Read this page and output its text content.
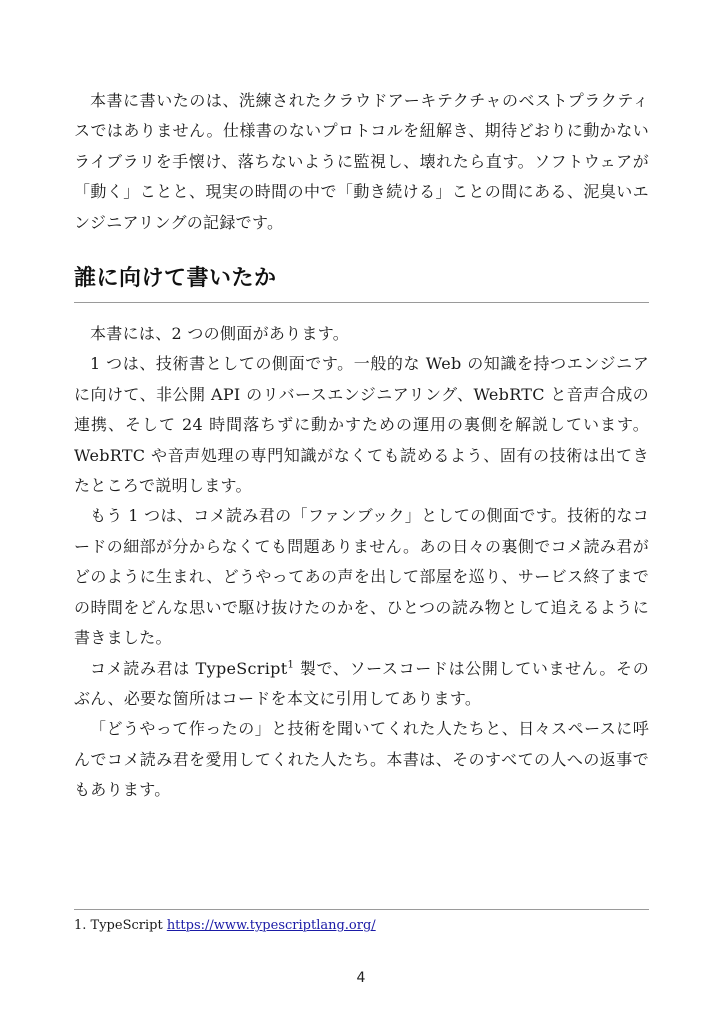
本書に書いたのは、洗練されたクラウドアーキテクチャのベストプラクティスではありません。仕様書のないプロトコルを紐解き、期待どおりに動かないライブラリを手懐け、落ちないように監視し、壊れたら直す。ソフトウェアが「動く」ことと、現実の時間の中で「動き続ける」ことの間にある、泥臭いエンジニアリングの記録です。

誰に向けて書いたか

本書には、2 つの側面があります。

1 つは、技術書としての側面です。一般的な Web の知識を持つエンジニアに向けて、非公開 API のリバースエンジニアリング、WebRTC と音声合成の連携、そして 24 時間落ちずに動かすための運用の裏側を解説しています。WebRTC や音声処理の専門知識がなくても読めるよう、固有の技術は出てきたところで説明します。

もう 1 つは、コメ読み君の「ファンブック」としての側面です。技術的なコードの細部が分からなくても問題ありません。あの日々の裏側でコメ読み君がどのように生まれ、どうやってあの声を出して部屋を巡り、サービス終了までの時間をどんな思いで駆け抜けたのかを、ひとつの読み物として追えるように書きました。

コメ読み君は TypeScript$^1$ 製で、ソースコードは公開していません。そのぶん、必要な箇所はコードを本文に引用してあります。

「どうやって作ったの」と技術を聞いてくれた人たちと、日々スペースに呼んでコメ読み君を愛用してくれた人たち。本書は、そのすべての人への返事でもあります。

1. TypeScript https://www.typescriptlang.org/
4
